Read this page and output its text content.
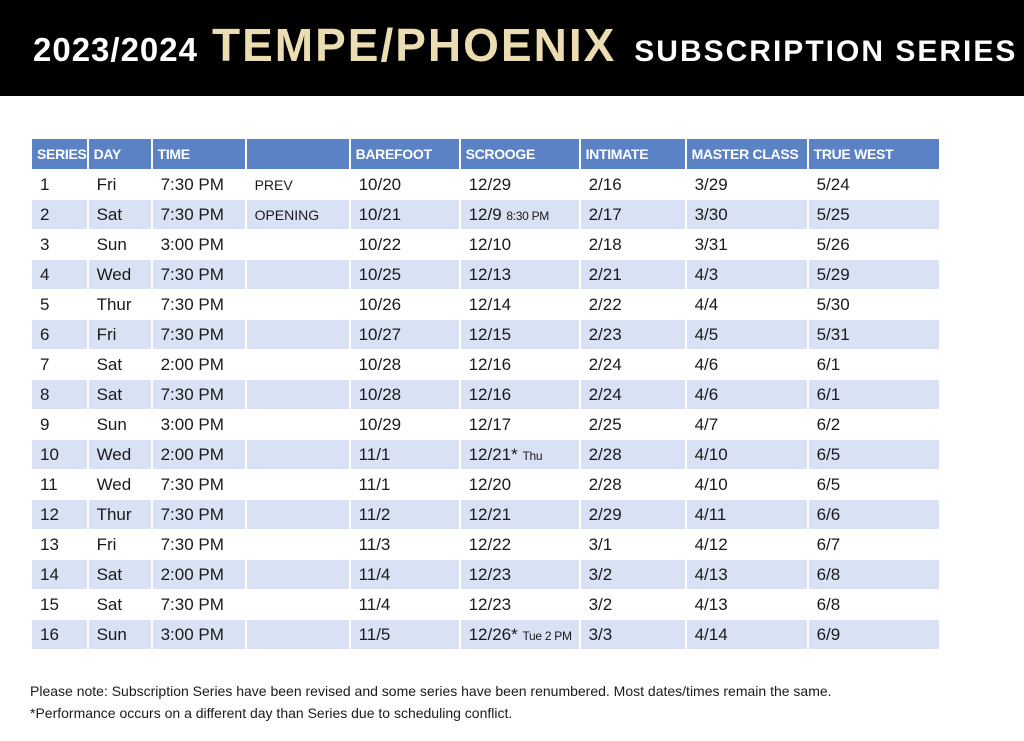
2023/2024 TEMPE/PHOENIX SUBSCRIPTION SERIES
SERIES	DAY	TIME		BAREFOOT	SCROOGE	INTIMATE	MASTER CLASS	TRUE WEST
1	Fri	7:30 PM	PREV	10/20	12/29	2/16	3/29	5/24
2	Sat	7:30 PM	OPENING	10/21	12/9 8:30 PM	2/17	3/30	5/25
3	Sun	3:00 PM		10/22	12/10	2/18	3/31	5/26
4	Wed	7:30 PM		10/25	12/13	2/21	4/3	5/29
5	Thur	7:30 PM		10/26	12/14	2/22	4/4	5/30
6	Fri	7:30 PM		10/27	12/15	2/23	4/5	5/31
7	Sat	2:00 PM		10/28	12/16	2/24	4/6	6/1
8	Sat	7:30 PM		10/28	12/16	2/24	4/6	6/1
9	Sun	3:00 PM		10/29	12/17	2/25	4/7	6/2
10	Wed	2:00 PM		11/1	12/21* Thu	2/28	4/10	6/5
11	Wed	7:30 PM		11/1	12/20	2/28	4/10	6/5
12	Thur	7:30 PM		11/2	12/21	2/29	4/11	6/6
13	Fri	7:30 PM		11/3	12/22	3/1	4/12	6/7
14	Sat	2:00 PM		11/4	12/23	3/2	4/13	6/8
15	Sat	7:30 PM		11/4	12/23	3/2	4/13	6/8
16	Sun	3:00 PM		11/5	12/26* Tue 2 PM	3/3	4/14	6/9
Please note: Subscription Series have been revised and some series have been renumbered. Most dates/times remain the same.
*Performance occurs on a different day than Series due to scheduling conflict.
